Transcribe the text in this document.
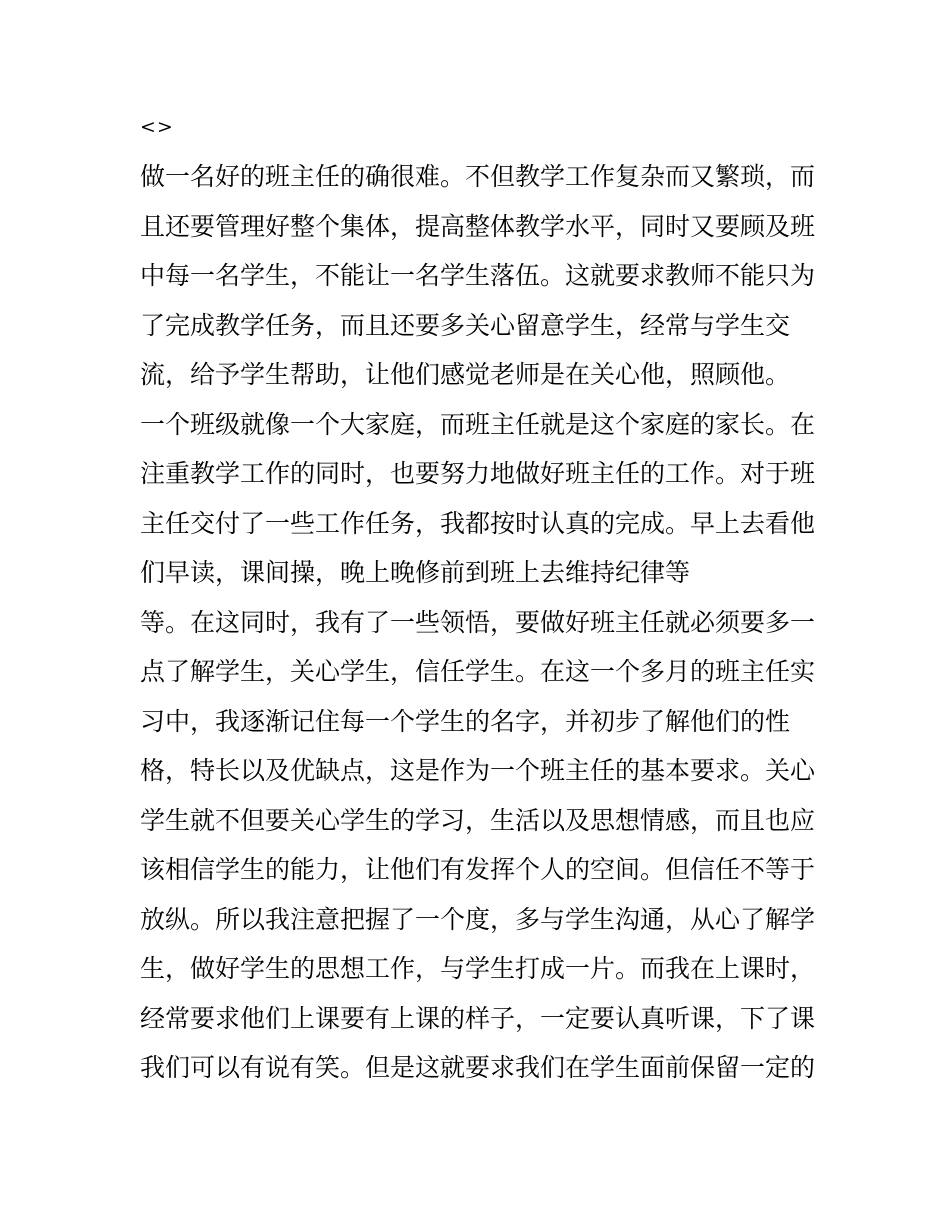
<>
做一名好的班主任的确很难。不但教学工作复杂而又繁琐，而
且还要管理好整个集体，提高整体教学水平，同时又要顾及班
中每一名学生，不能让一名学生落伍。这就要求教师不能只为
了完成教学任务，而且还要多关心留意学生，经常与学生交
流，给予学生帮助，让他们感觉老师是在关心他，照顾他。
一个班级就像一个大家庭，而班主任就是这个家庭的家长。在
注重教学工作的同时，也要努力地做好班主任的工作。对于班
主任交付了一些工作任务，我都按时认真的完成。早上去看他
们早读，课间操，晚上晚修前到班上去维持纪律等
等。在这同时，我有了一些领悟，要做好班主任就必须要多一
点了解学生，关心学生，信任学生。在这一个多月的班主任实
习中，我逐渐记住每一个学生的名字，并初步了解他们的性
格，特长以及优缺点，这是作为一个班主任的基本要求。关心
学生就不但要关心学生的学习，生活以及思想情感，而且也应
该相信学生的能力，让他们有发挥个人的空间。但信任不等于
放纵。所以我注意把握了一个度，多与学生沟通，从心了解学
生，做好学生的思想工作，与学生打成一片。而我在上课时，
经常要求他们上课要有上课的样子，一定要认真听课，下了课
我们可以有说有笑。但是这就要求我们在学生面前保留一定的
